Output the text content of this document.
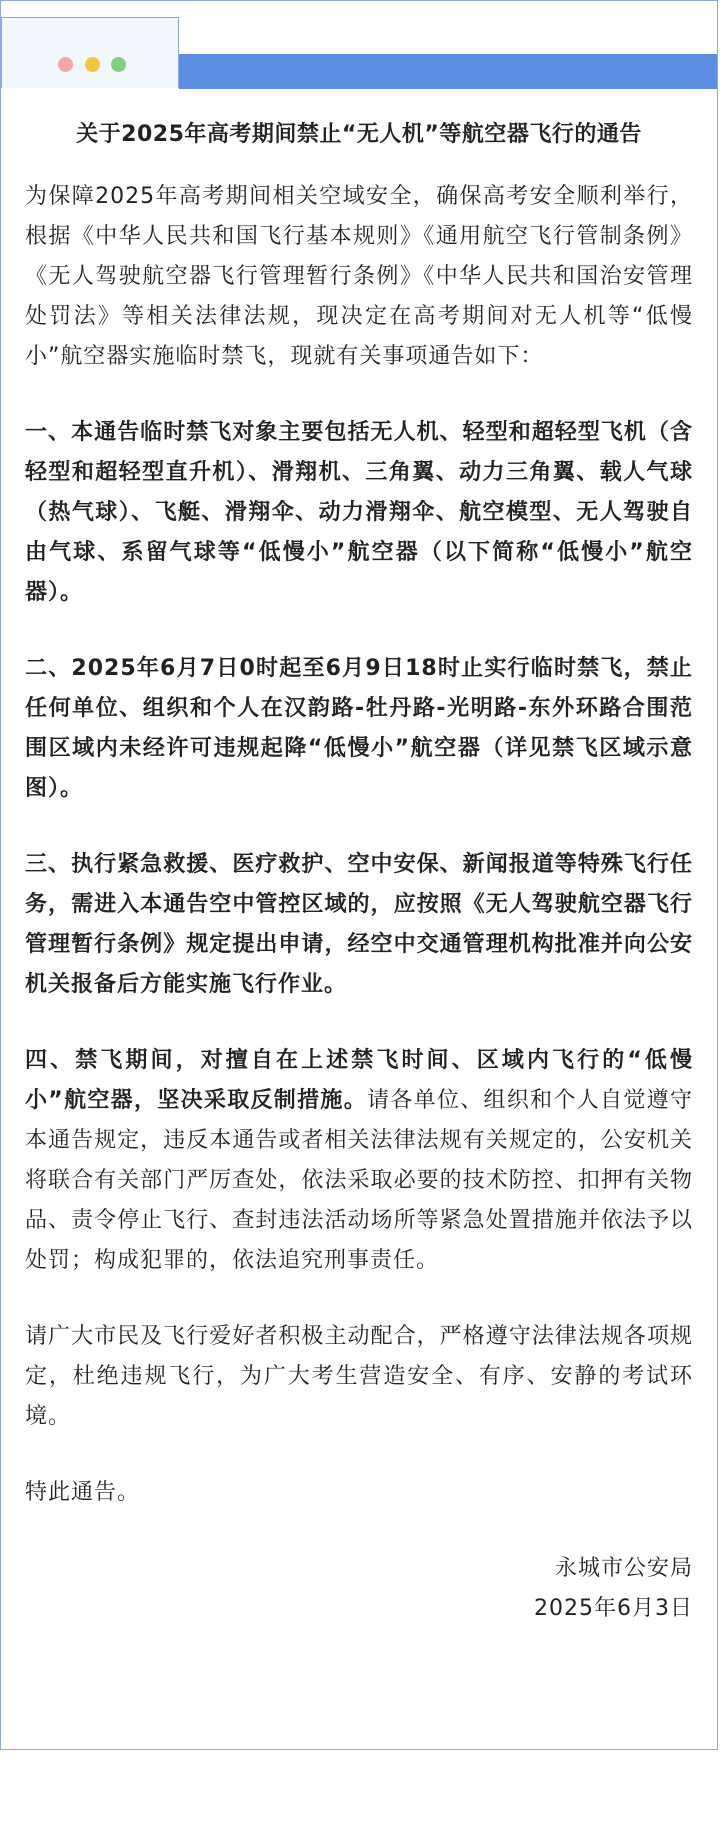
关于2025年高考期间禁止“无人机”等航空器飞行的通告

为保障2025年高考期间相关空域安全，确保高考安全顺利举行，根据《中华人民共和国飞行基本规则》《通用航空飞行管制条例》《无人驾驶航空器飞行管理暂行条例》《中华人民共和国治安管理处罚法》等相关法律法规，现决定在高考期间对无人机等“低慢小”航空器实施临时禁飞，现就有关事项通告如下：

一、本通告临时禁飞对象主要包括无人机、轻型和超轻型飞机（含轻型和超轻型直升机）、滑翔机、三角翼、动力三角翼、载人气球（热气球）、飞艇、滑翔伞、动力滑翔伞、航空模型、无人驾驶自由气球、系留气球等“低慢小”航空器（以下简称“低慢小”航空器）。

二、2025年6月7日0时起至6月9日18时止实行临时禁飞，禁止任何单位、组织和个人在汉韵路-牡丹路-光明路-东外环路合围范围区域内未经许可违规起降“低慢小”航空器（详见禁飞区域示意图）。

三、执行紧急救援、医疗救护、空中安保、新闻报道等特殊飞行任务，需进入本通告空中管控区域的，应按照《无人驾驶航空器飞行管理暂行条例》规定提出申请，经空中交通管理机构批准并向公安机关报备后方能实施飞行作业。

四、禁飞期间，对擅自在上述禁飞时间、区域内飞行的“低慢小”航空器，坚决采取反制措施。请各单位、组织和个人自觉遵守本通告规定，违反本通告或者相关法律法规有关规定的，公安机关将联合有关部门严厉查处，依法采取必要的技术防控、扣押有关物品、责令停止飞行、查封违法活动场所等紧急处置措施并依法予以处罚；构成犯罪的，依法追究刑事责任。

请广大市民及飞行爱好者积极主动配合，严格遵守法律法规各项规定，杜绝违规飞行，为广大考生营造安全、有序、安静的考试环境。

特此通告。

永城市公安局
2025年6月3日
